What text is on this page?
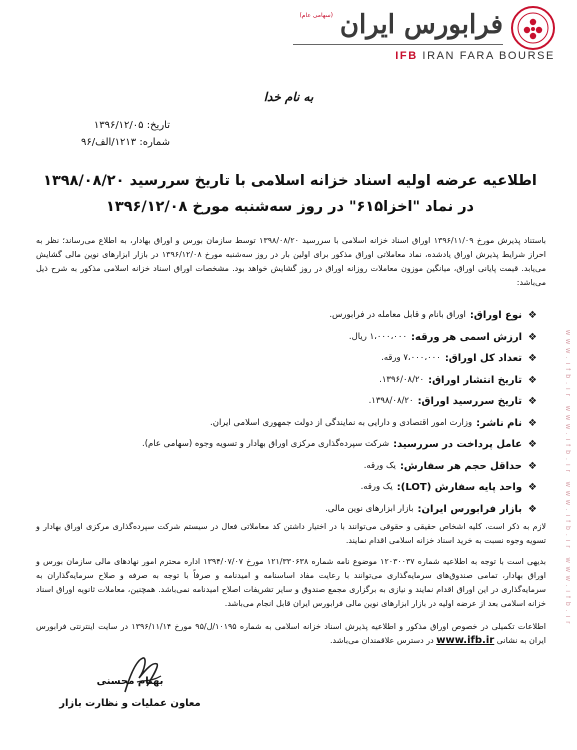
فرابورس ایران
(سهامی عام)
IFB IRAN FARA BOURSE
www.ifb.ir www.ifb.ir www.ifb.ir www.ifb.ir
به نام خدا
تاریخ: ۱۳۹۶/۱۲/۰۵
شماره: ۱۲۱۳/الف/۹۶
اطلاعیه عرضه اولیه اسناد خزانه اسلامی با تاریخ سررسید ۱۳۹۸/۰۸/۲۰
در نماد "اخزا۶۱۵" در روز سه‌شنبه مورخ ۱۳۹۶/۱۲/۰۸

باستناد پذیرش مورخ ۱۳۹۶/۱۱/۰۹ اوراق اسناد خزانه اسلامی با سررسید ۱۳۹۸/۰۸/۲۰ توسط سازمان بورس و اوراق بهادار، به اطلاع می‌رساند؛ نظر به احراز شرایط پذیرش اوراق یادشده، نماد معاملاتی اوراق مذکور برای اولین بار در روز سه‌شنبه مورخ ۱۳۹۶/۱۲/۰۸ در بازار ابزارهای نوین مالی گشایش می‌یابد. قیمت پایانی اوراق، میانگین موزون معاملات روزانه اوراق در روز گشایش خواهد بود. مشخصات اوراق اسناد خزانه اسلامی مذکور به شرح ذیل می‌باشد:

❖
نوع اوراق:
اوراق بانام و قابل معامله در فرابورس.
❖
ارزش اسمی هر ورقه:
۱،۰۰۰،۰۰۰ ریال.
❖
تعداد کل اوراق:
۷،۰۰۰،۰۰۰ ورقه.
❖
تاریخ انتشار اوراق:
۱۳۹۶/۰۸/۲۰.
❖
تاریخ سررسید اوراق:
۱۳۹۸/۰۸/۲۰.
❖
نام ناشر:
وزارت امور اقتصادی و دارایی به نمایندگی از دولت جمهوری اسلامی ایران.
❖
عامل پرداخت در سررسید:
شرکت سپرده‌گذاری مرکزی اوراق بهادار و تسویه وجوه (سهامی عام).
❖
حداقل حجم هر سفارش:
یک ورقه.
❖
واحد پایه سفارش (LOT):
یک ورقه.
❖
بازار فرابورس ایران:
بازار ابزارهای نوین مالی.

لازم به ذکر است، کلیه اشخاص حقیقی و حقوقی می‌توانند با در اختیار داشتن کد معاملاتی فعال در سیستم شرکت سپرده‌گذاری مرکزی اوراق بهادار و تسویه وجوه نسبت به خرید اسناد خزانه اسلامی اقدام نمایند.

بدیهی است با توجه به اطلاعیه شماره ۱۲۰۳۰۰۳۷ موضوع نامه شماره ۱۲۱/۳۳۰۶۳۸ مورخ ۱۳۹۴/۰۷/۰۷ اداره محترم امور نهادهای مالی سازمان بورس و اوراق بهادار، تمامی صندوق‌های سرمایه‌گذاری می‌توانند با رعایت مفاد اساسنامه و امیدنامه و صرفاً با توجه به صرفه و صلاح سرمایه‌گذاران به سرمایه‌گذاری در این اوراق اقدام نمایند و نیازی به برگزاری مجمع صندوق و سایر تشریفات اصلاح امیدنامه نمی‌باشد. همچنین، معاملات ثانویه اوراق اسناد خزانه اسلامی بعد از عرضه اولیه در بازار ابزارهای نوین مالی فرابورس ایران قابل انجام می‌باشد.

اطلاعات تکمیلی در خصوص اوراق مذکور و اطلاعیه پذیرش اسناد خزانه اسلامی به شماره ۱۰۱۹۵/ل/۹۵ مورخ ۱۳۹۶/۱۱/۱۴ در سایت اینترنتی فرابورس ایران به نشانی www.ifb.ir در دسترس علاقمندان می‌باشد.

بهنام محسنی
معاون عملیات و نظارت بازار
